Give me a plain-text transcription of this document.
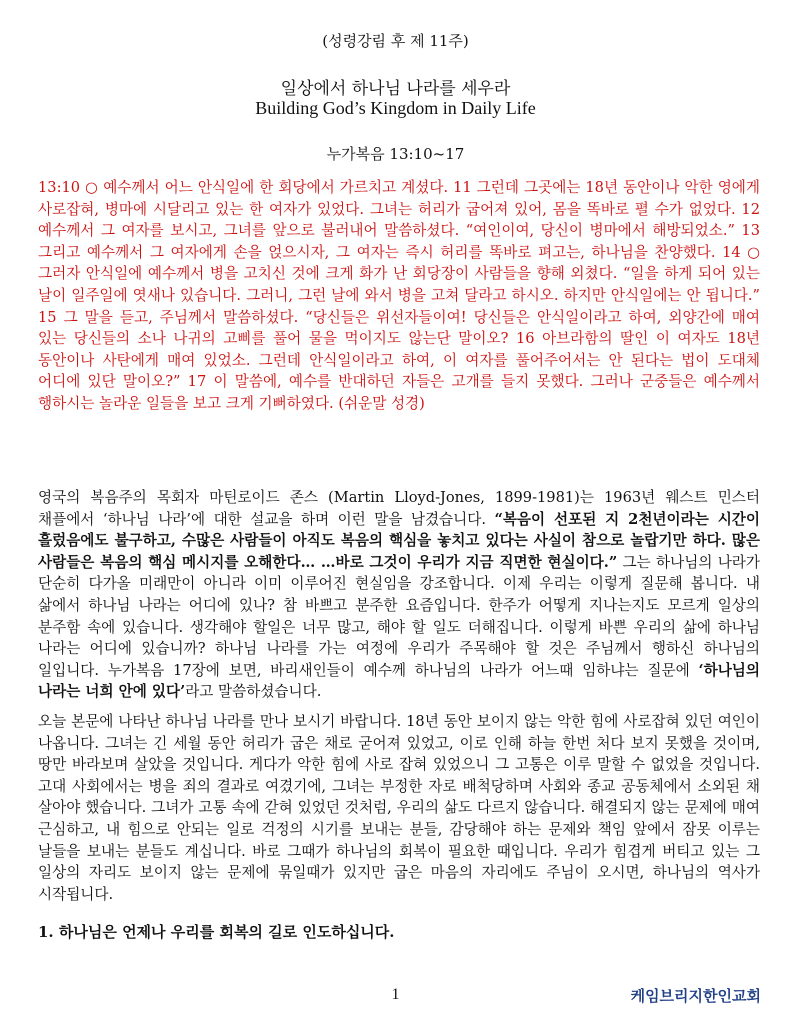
(성령강림 후 제 11주)
일상에서 하나님 나라를 세우라
Building God’s Kingdom in Daily Life
누가복음 13:10~17
13:10 ○ 예수께서 어느 안식일에 한 회당에서 가르치고 계셨다. 11 그런데 그곳에는 18년 동안이나 악한 영에게 사로잡혀, 병마에 시달리고 있는 한 여자가 있었다. 그녀는 허리가 굽어져 있어, 몸을 똑바로 펼 수가 없었다. 12 예수께서 그 여자를 보시고, 그녀를 앞으로 불러내어 말씀하셨다. “여인이여, 당신이 병마에서 해방되었소.” 13 그리고 예수께서 그 여자에게 손을 얹으시자, 그 여자는 즉시 허리를 똑바로 펴고는, 하나님을 찬양했다. 14 ○ 그러자 안식일에 예수께서 병을 고치신 것에 크게 화가 난 회당장이 사람들을 향해 외쳤다. “일을 하게 되어 있는 날이 일주일에 엿새나 있습니다. 그러니, 그런 날에 와서 병을 고쳐 달라고 하시오. 하지만 안식일에는 안 됩니다.” 15 그 말을 듣고, 주님께서 말씀하셨다. “당신들은 위선자들이여! 당신들은 안식일이라고 하여, 외양간에 매여 있는 당신들의 소나 나귀의 고삐를 풀어 물을 먹이지도 않는단 말이오? 16 아브라함의 딸인 이 여자도 18년 동안이나 사탄에게 매여 있었소. 그런데 안식일이라고 하여, 이 여자를 풀어주어서는 안 된다는 법이 도대체 어디에 있단 말이오?” 17 이 말씀에, 예수를 반대하던 자들은 고개를 들지 못했다. 그러나 군중들은 예수께서 행하시는 놀라운 일들을 보고 크게 기뻐하였다. (쉬운말 성경)
영국의 복음주의 목회자 마틴로이드 존스 (Martin Lloyd-Jones, 1899-1981)는 1963년 웨스트 민스터 채플에서 ‘하나님 나라’에 대한 설교을 하며 이런 말을 남겼습니다. “복음이 선포된 지 2천년이라는 시간이 흘렀음에도 불구하고, 수많은 사람들이 아직도 복음의 핵심을 놓치고 있다는 사실이 참으로 놀랍기만 하다. 많은 사람들은 복음의 핵심 메시지를 오해한다… …바로 그것이 우리가 지금 직면한 현실이다.” 그는 하나님의 나라가 단순히 다가올 미래만이 아니라 이미 이루어진 현실임을 강조합니다. 이제 우리는 이렇게 질문해 봅니다. 내 삶에서 하나님 나라는 어디에 있나? 참 바쁘고 분주한 요즘입니다. 한주가 어떻게 지나는지도 모르게 일상의 분주함 속에 있습니다. 생각해야 할일은 너무 많고, 해야 할 일도 더해집니다. 이렇게 바쁜 우리의 삶에 하나님 나라는 어디에 있습니까? 하나님 나라를 가는 여정에 우리가 주목해야 할 것은 주님께서 행하신 하나님의 일입니다. 누가복음 17장에 보면, 바리새인들이 예수께 하나님의 나라가 어느때 임하냐는 질문에 ‘하나님의 나라는 너희 안에 있다’라고 말씀하셨습니다.
오늘 본문에 나타난 하나님 나라를 만나 보시기 바랍니다. 18년 동안 보이지 않는 악한 힘에 사로잡혀 있던 여인이 나옵니다. 그녀는 긴 세월 동안 허리가 굽은 채로 굳어져 있었고, 이로 인해 하늘 한번 처다 보지 못했을 것이며, 땅만 바라보며 살았을 것입니다. 게다가 악한 힘에 사로 잡혀 있었으니 그 고통은 이루 말할 수 없었을 것입니다. 고대 사회에서는 병을 죄의 결과로 여겼기에, 그녀는 부정한 자로 배척당하며 사회와 종교 공동체에서 소외된 채 살아야 했습니다. 그녀가 고통 속에 갇혀 있었던 것처럼, 우리의 삶도 다르지 않습니다. 해결되지 않는 문제에 매여 근심하고, 내 힘으로 안되는 일로 걱정의 시기를 보내는 분들, 감당해야 하는 문제와 책임 앞에서 잠못 이루는 날들을 보내는 분들도 계십니다. 바로 그때가 하나님의 회복이 필요한 때입니다. 우리가 힘겹게 버티고 있는 그 일상의 자리도 보이지 않는 문제에 묶일때가 있지만 굽은 마음의 자리에도 주님이 오시면, 하나님의 역사가 시작됩니다.
1. 하나님은 언제나 우리를 회복의 길로 인도하십니다.
1	케임브리지한인교회
